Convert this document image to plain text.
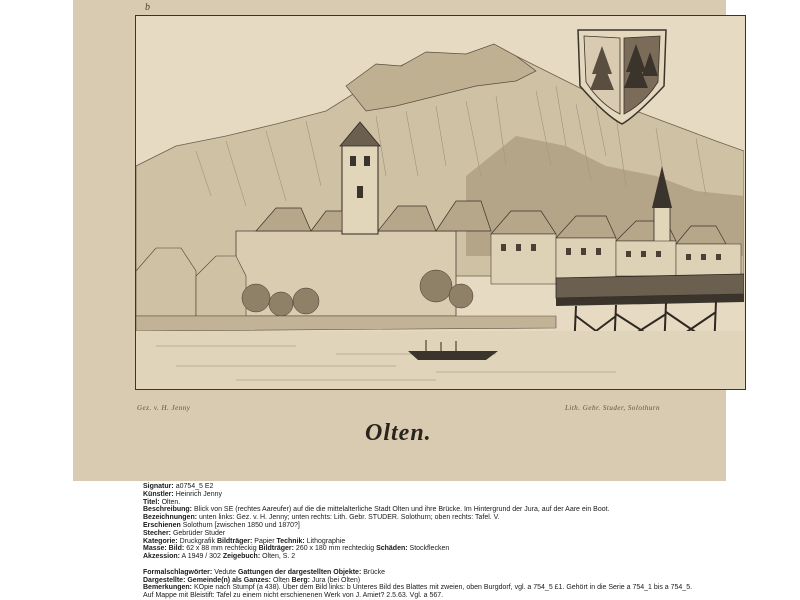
b
Gez. v. H. Jenny	Lith. Gebr. Studer, Solothurn
Olten.
Signatur: a0754_5 E2
Künstler: Heinrich Jenny
Titel: Olten.
Beschreibung: Blick von SE (rechtes Aareufer) auf die die mittelalterliche Stadt Olten und ihre Brücke. Im Hintergrund der Jura, auf der Aare ein Boot.
Bezeichnungen: unten links: Gez. v. H. Jenny; unten rechts: Lith. Gebr. STUDER. Solothurn; oben rechts: Tafel. V.
Erschienen Solothurn [zwischen 1850 und 1870?]
Stecher: Gebrüder Studer
Kategorie: Druckgrafik Bildträger: Papier Technik: Lithographie
Masse: Bild: 62 x 88 mm rechteckig Bildträger: 260 x 180 mm rechteckig Schäden: Stockflecken
Akzession: A 1949 / 302 Zeigebuch: Olten, S. 2
Formalschlagwörter: Vedute Gattungen der dargestellten Objekte: Brücke
Dargestellte: Gemeinde(n) als Ganzes: Olten Berg: Jura (bei Olten)
Bemerkungen: KOpie nach Stumpf (a 438). Über dem Bild links: b Unteres Bild des Blattes mit zweien, oben Burgdorf, vgl. a 754_5 £1. Gehört in die Serie a 754_1 bis a 754_5. Auf Mappe mit Bleistift: Tafel zu einem nicht erschienenen Werk von J. Amiet? 2.5.63. Vgl. a 567.
